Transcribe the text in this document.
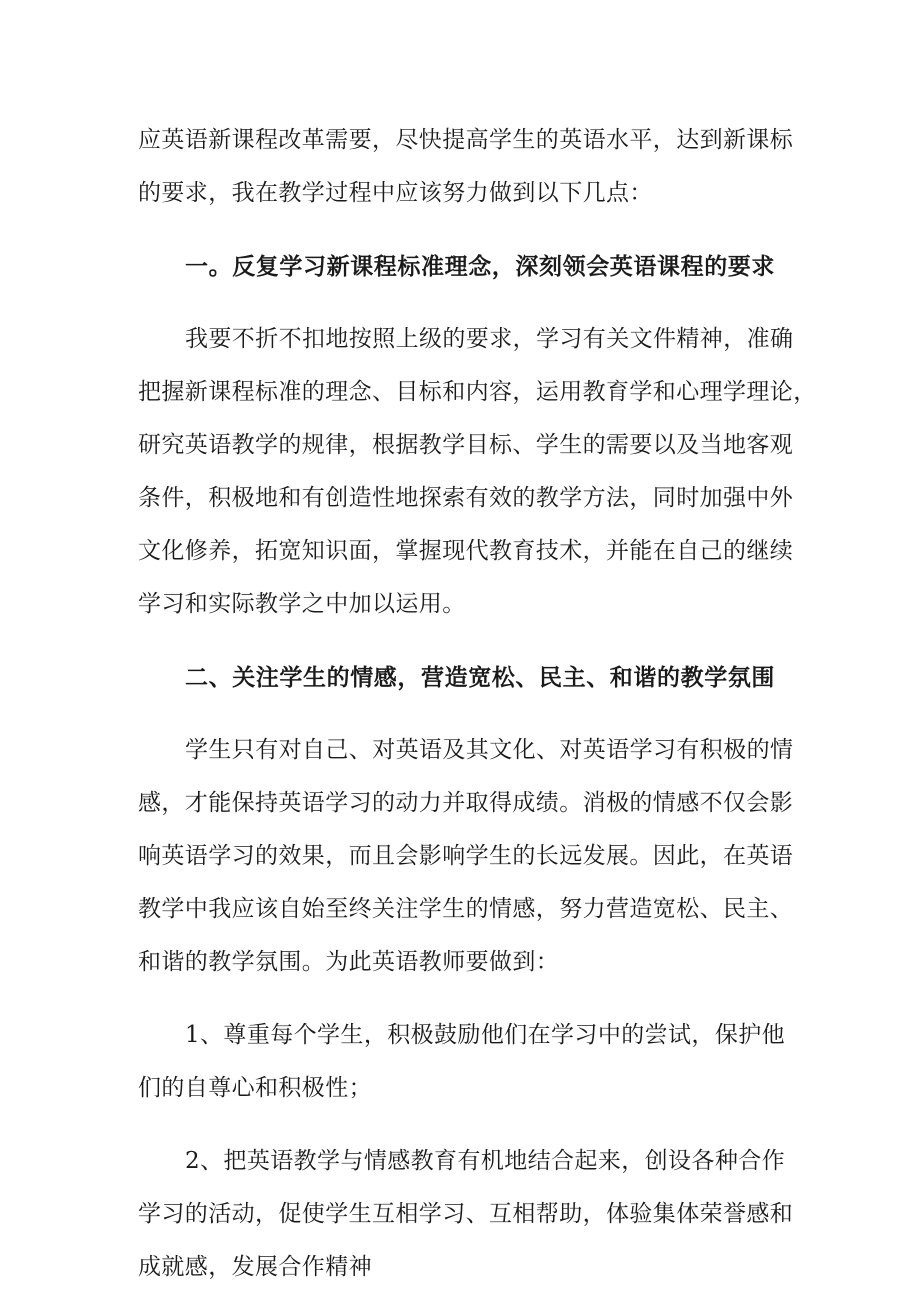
应英语新课程改革需要，尽快提高学生的英语水平，达到新课标
的要求，我在教学过程中应该努力做到以下几点：
一。反复学习新课程标准理念，深刻领会英语课程的要求
我要不折不扣地按照上级的要求，学习有关文件精神，准确
把握新课程标准的理念、目标和内容，运用教育学和心理学理论，
研究英语教学的规律，根据教学目标、学生的需要以及当地客观
条件，积极地和有创造性地探索有效的教学方法，同时加强中外
文化修养，拓宽知识面，掌握现代教育技术，并能在自己的继续
学习和实际教学之中加以运用。
二、关注学生的情感，营造宽松、民主、和谐的教学氛围
学生只有对自己、对英语及其文化、对英语学习有积极的情
感，才能保持英语学习的动力并取得成绩。消极的情感不仅会影
响英语学习的效果，而且会影响学生的长远发展。因此，在英语
教学中我应该自始至终关注学生的情感，努力营造宽松、民主、
和谐的教学氛围。为此英语教师要做到：
1、尊重每个学生，积极鼓励他们在学习中的尝试，保护他
们的自尊心和积极性；
2、把英语教学与情感教育有机地结合起来，创设各种合作
学习的活动，促使学生互相学习、互相帮助，体验集体荣誉感和
成就感，发展合作精神
